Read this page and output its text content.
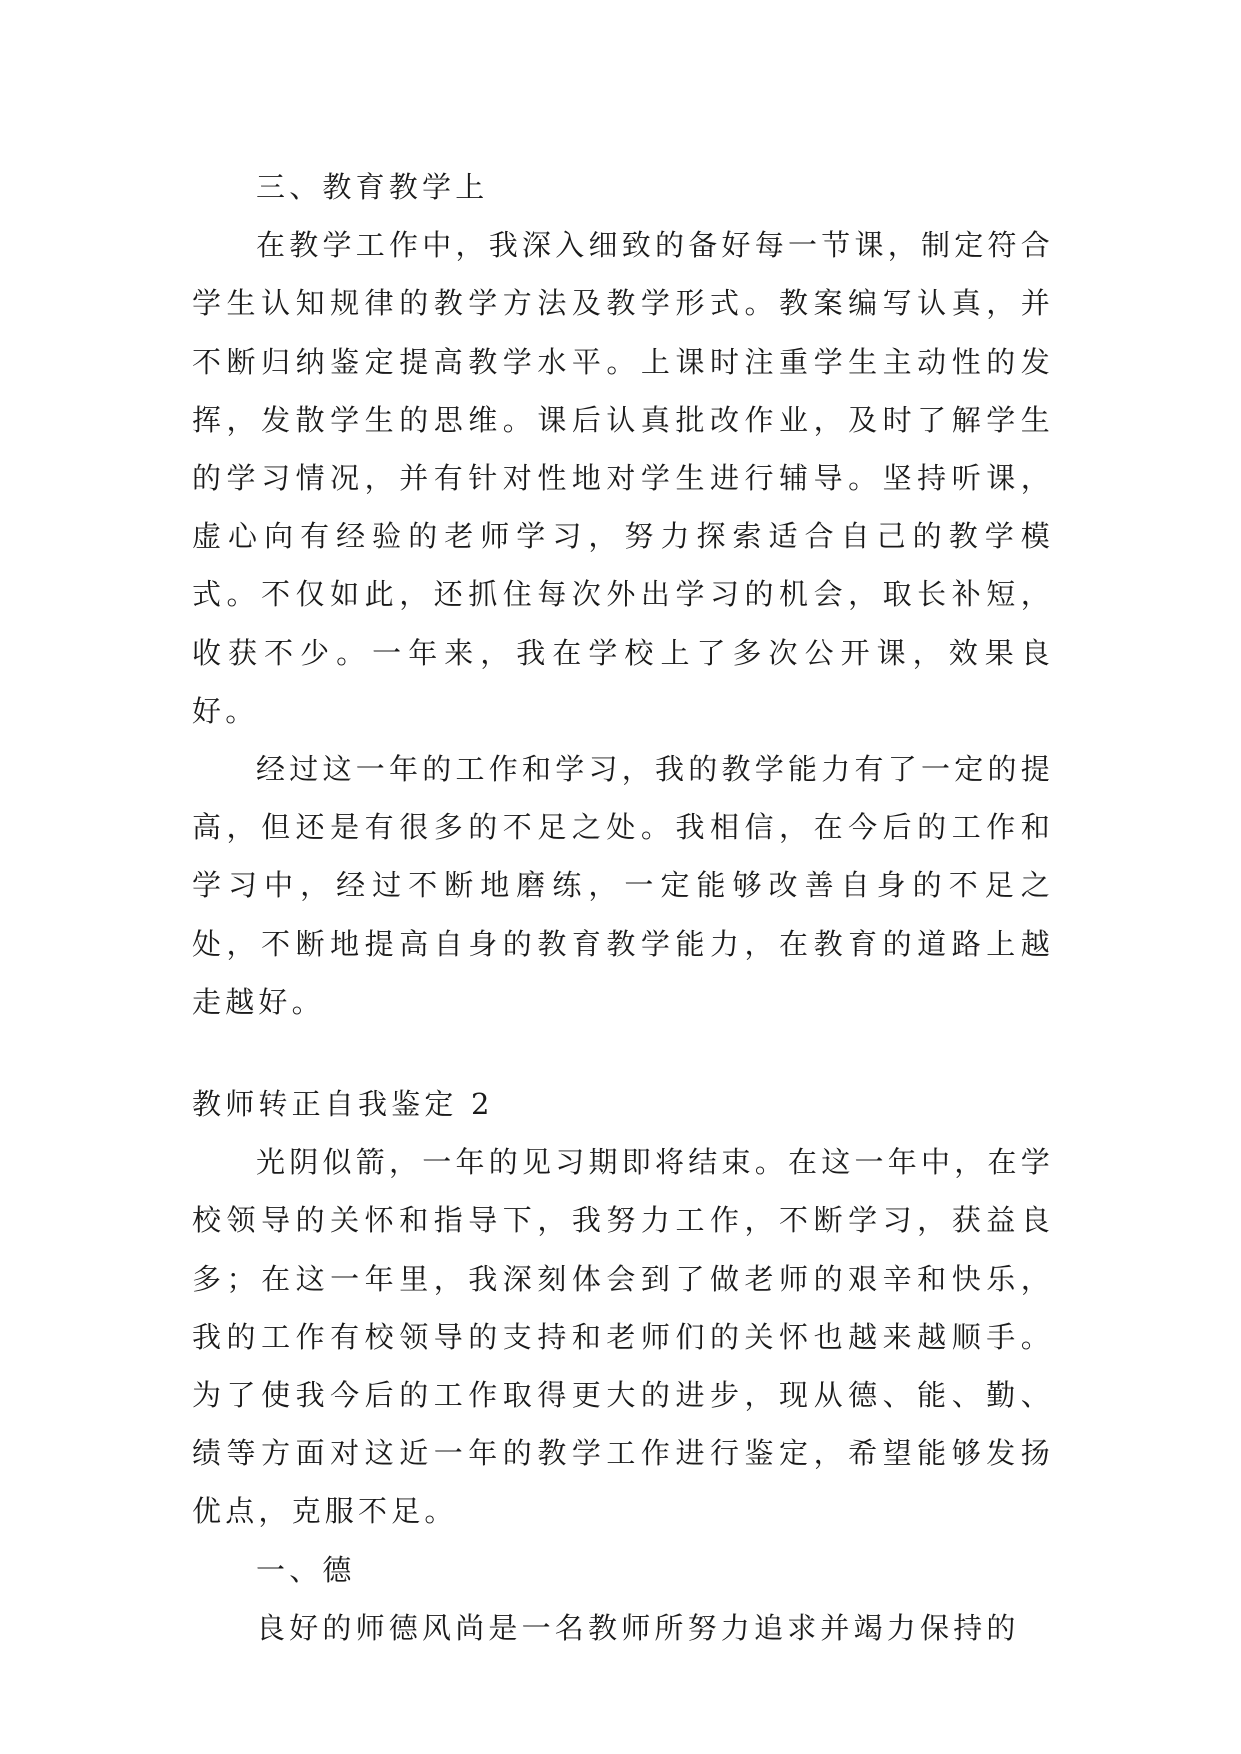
三、教育教学上

在教学工作中，我深入细致的备好每一节课，制定符合学生认知规律的教学方法及教学形式。教案编写认真，并不断归纳鉴定提高教学水平。上课时注重学生主动性的发挥，发散学生的思维。课后认真批改作业，及时了解学生的学习情况，并有针对性地对学生进行辅导。坚持听课，虚心向有经验的老师学习，努力探索适合自己的教学模式。不仅如此，还抓住每次外出学习的机会，取长补短，收获不少。一年来，我在学校上了多次公开课，效果良好。

经过这一年的工作和学习，我的教学能力有了一定的提高，但还是有很多的不足之处。我相信，在今后的工作和学习中，经过不断地磨练，一定能够改善自身的不足之处，不断地提高自身的教育教学能力，在教育的道路上越走越好。

教师转正自我鉴定 2

光阴似箭，一年的见习期即将结束。在这一年中，在学校领导的关怀和指导下，我努力工作，不断学习，获益良多；在这一年里，我深刻体会到了做老师的艰辛和快乐，我的工作有校领导的支持和老师们的关怀也越来越顺手。为了使我今后的工作取得更大的进步，现从德、能、勤、绩等方面对这近一年的教学工作进行鉴定，希望能够发扬优点，克服不足。

一、德

良好的师德风尚是一名教师所努力追求并竭力保持的
